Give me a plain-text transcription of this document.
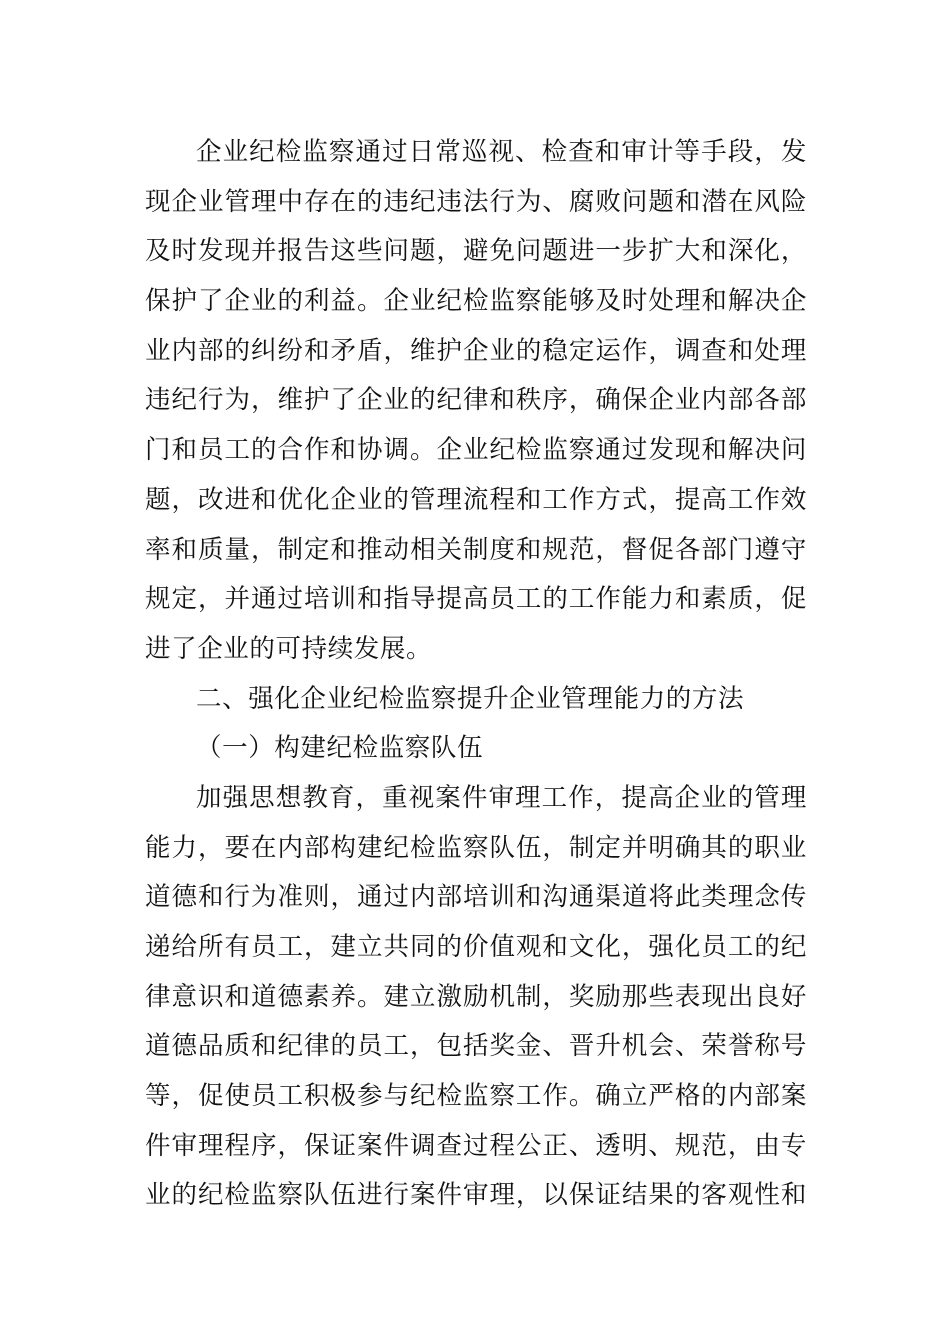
企业纪检监察通过日常巡视、检查和审计等手段，发
现企业管理中存在的违纪违法行为、腐败问题和潜在风险
及时发现并报告这些问题，避免问题进一步扩大和深化，
保护了企业的利益。企业纪检监察能够及时处理和解决企
业内部的纠纷和矛盾，维护企业的稳定运作，调查和处理
违纪行为，维护了企业的纪律和秩序，确保企业内部各部
门和员工的合作和协调。企业纪检监察通过发现和解决问
题，改进和优化企业的管理流程和工作方式，提高工作效
率和质量，制定和推动相关制度和规范，督促各部门遵守
规定，并通过培训和指导提高员工的工作能力和素质，促
进了企业的可持续发展。
二、强化企业纪检监察提升企业管理能力的方法
（一）构建纪检监察队伍
加强思想教育，重视案件审理工作，提高企业的管理
能力，要在内部构建纪检监察队伍，制定并明确其的职业
道德和行为准则，通过内部培训和沟通渠道将此类理念传
递给所有员工，建立共同的价值观和文化，强化员工的纪
律意识和道德素养。建立激励机制，奖励那些表现出良好
道德品质和纪律的员工，包括奖金、晋升机会、荣誉称号
等，促使员工积极参与纪检监察工作。确立严格的内部案
件审理程序，保证案件调查过程公正、透明、规范，由专
业的纪检监察队伍进行案件审理，以保证结果的客观性和
